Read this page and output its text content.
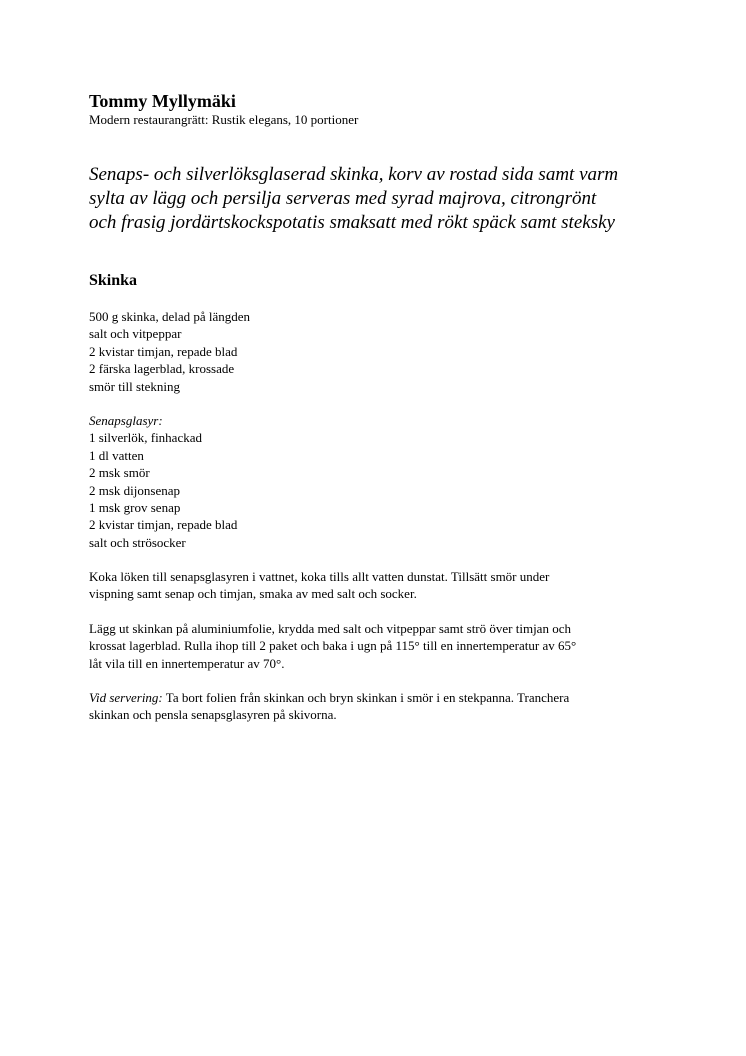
Tommy Myllymäki

Modern restaurangrätt: Rustik elegans, 10 portioner

Senaps- och silverlöksglaserad skinka, korv av rostad sida samt varm
sylta av lägg och persilja serveras med syrad majrova, citrongrönt
och frasig jordärtskockspotatis smaksatt med rökt späck samt steksky
Skinka
500 g skinka, delad på längden
salt och vitpeppar
2 kvistar timjan, repade blad
2 färska lagerblad, krossade
smör till stekning
Senapsglasyr:
1 silverlök, finhackad
1 dl vatten
2 msk smör
2 msk dijonsenap
1 msk grov senap
2 kvistar timjan, repade blad
salt och strösocker
Koka löken till senapsglasyren i vattnet, koka tills allt vatten dunstat. Tillsätt smör under
vispning samt senap och timjan, smaka av med salt och socker.
Lägg ut skinkan på aluminiumfolie, krydda med salt och vitpeppar samt strö över timjan och
krossat lagerblad. Rulla ihop till 2 paket och baka i ugn på 115° till en innertemperatur av 65°
låt vila till en innertemperatur av 70°.
Vid servering: Ta bort folien från skinkan och bryn skinkan i smör i en stekpanna. Tranchera
skinkan och pensla senapsglasyren på skivorna.
